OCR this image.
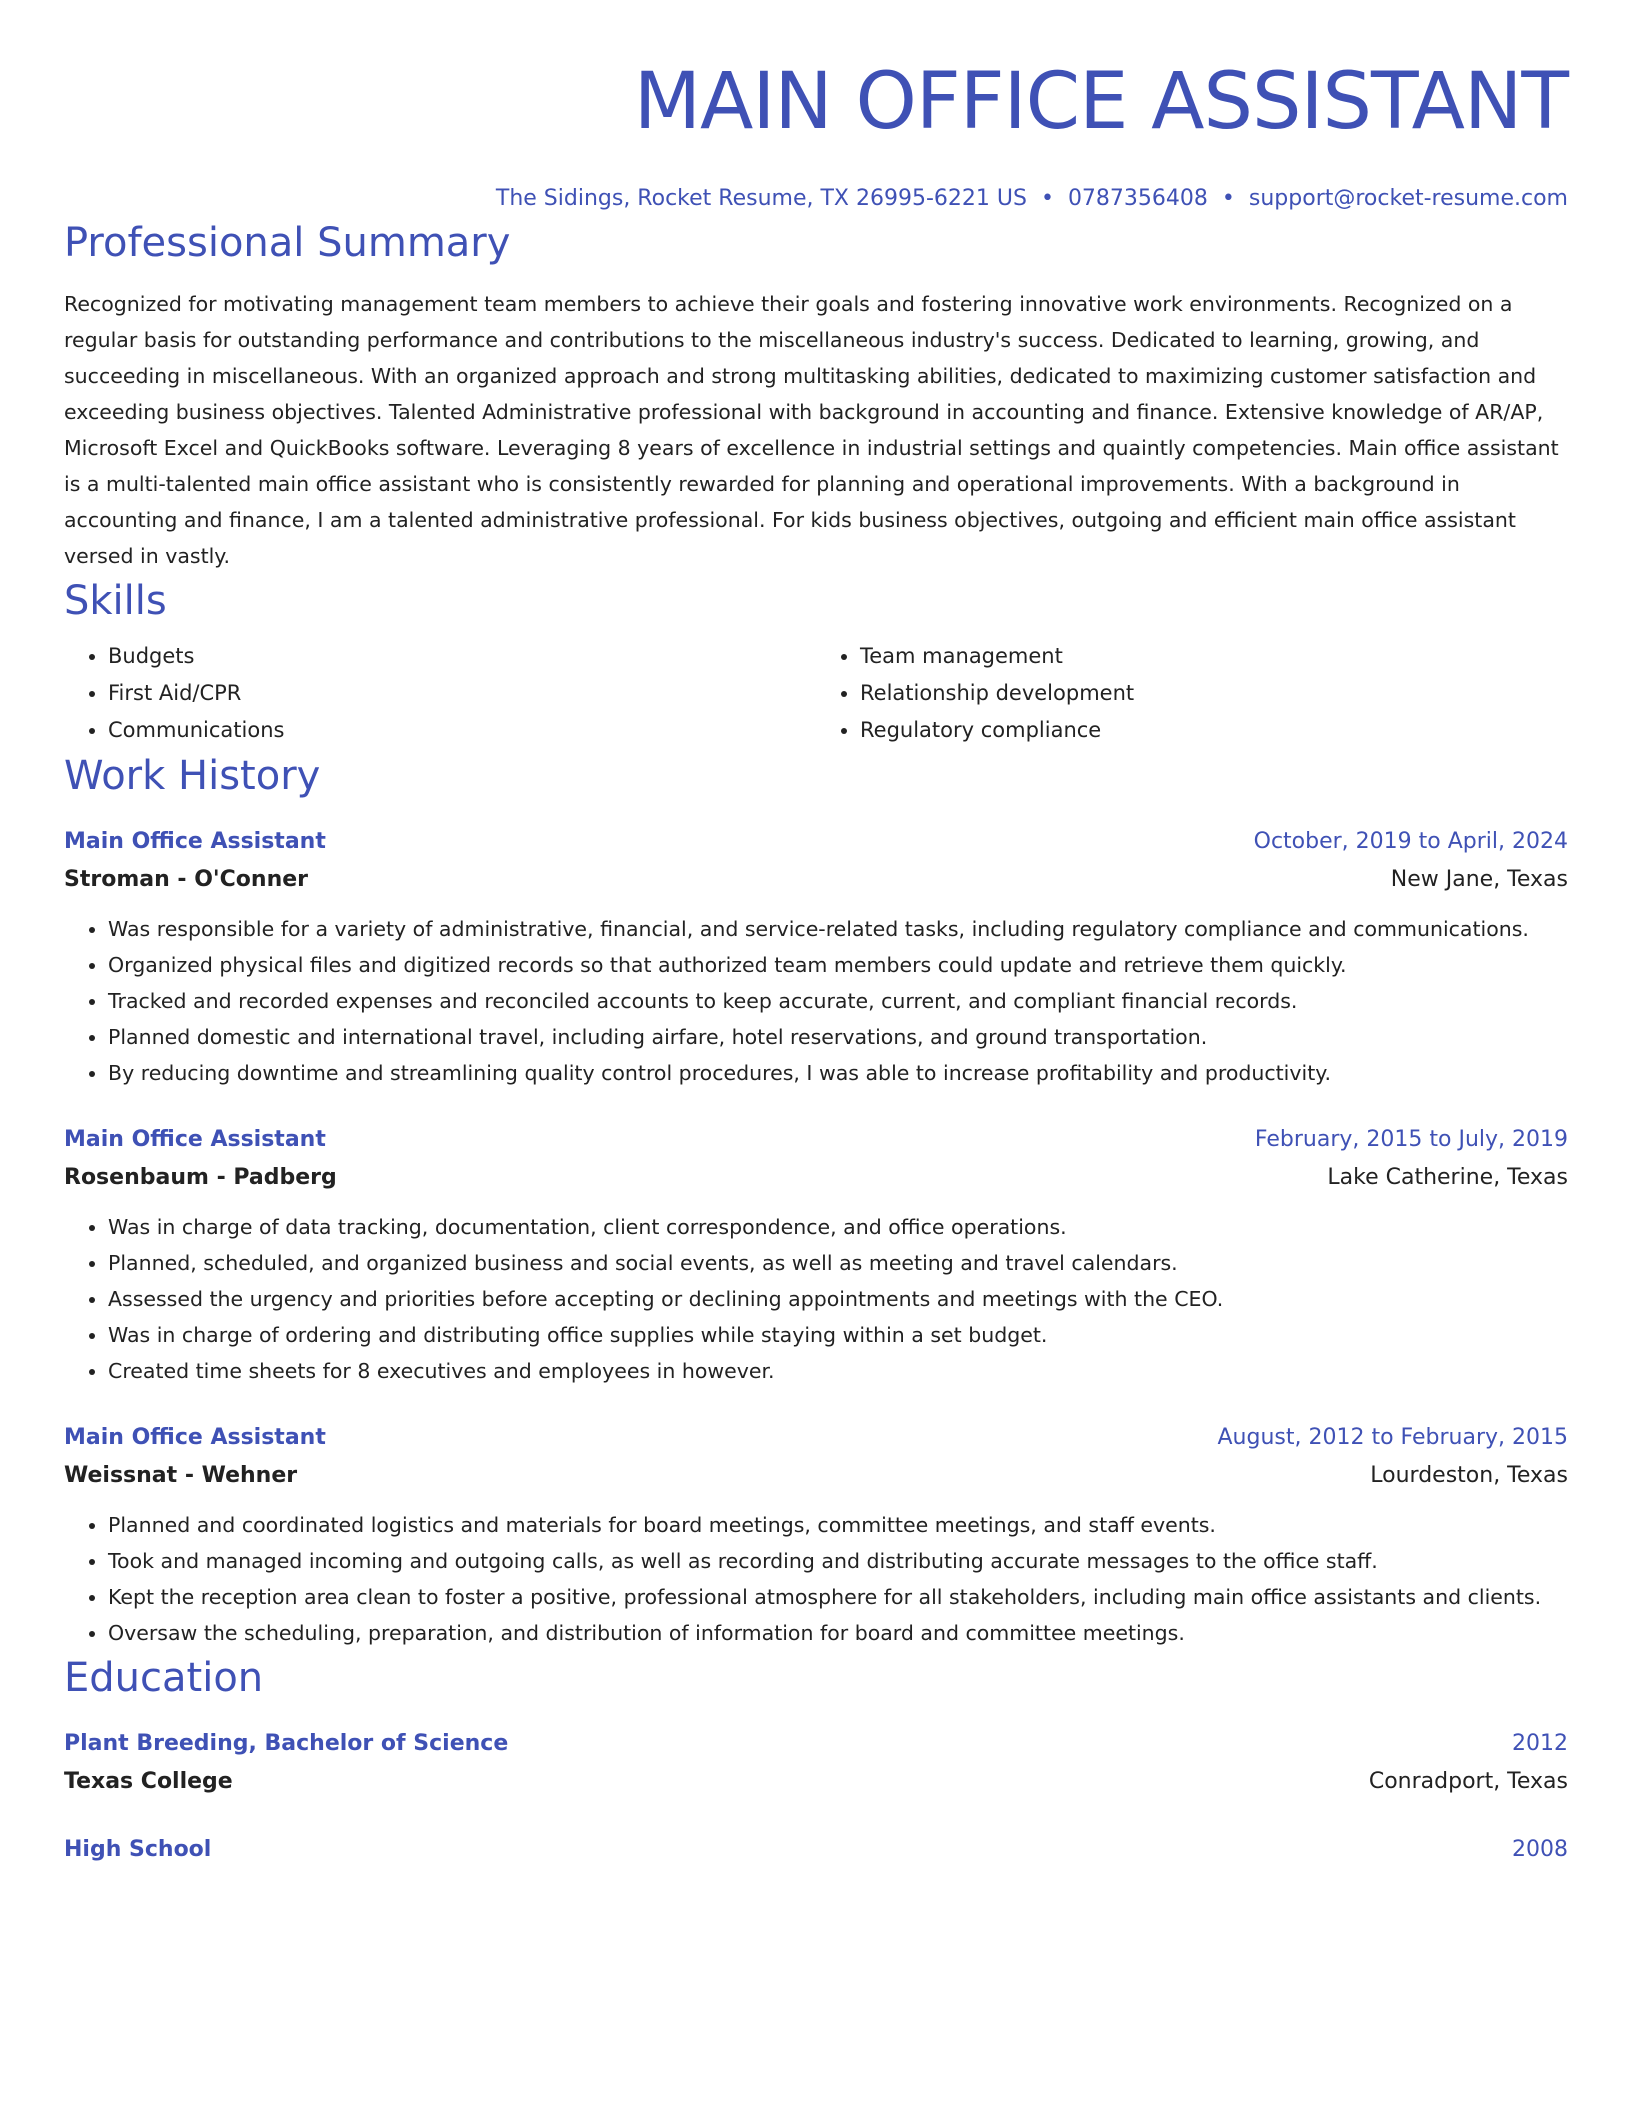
MAIN OFFICE ASSISTANT
The Sidings, Rocket Resume, TX 26995-6221 US • 0787356408 • support@rocket-resume.com
Professional Summary
Recognized for motivating management team members to achieve their goals and fostering innovative work environments. Recognized on a regular basis for outstanding performance and contributions to the miscellaneous industry's success. Dedicated to learning, growing, and succeeding in miscellaneous. With an organized approach and strong multitasking abilities, dedicated to maximizing customer satisfaction and exceeding business objectives. Talented Administrative professional with background in accounting and finance. Extensive knowledge of AR/AP, Microsoft Excel and QuickBooks software. Leveraging 8 years of excellence in industrial settings and quaintly competencies. Main office assistant is a multi-talented main office assistant who is consistently rewarded for planning and operational improvements. With a background in accounting and finance, I am a talented administrative professional. For kids business objectives, outgoing and efficient main office assistant versed in vastly.
Skills
• Budgets
• First Aid/CPR
• Communications
• Team management
• Relationship development
• Regulatory compliance
Work History
Main Office Assistant	October, 2019 to April, 2024
Stroman - O'Conner	New Jane, Texas
• Was responsible for a variety of administrative, financial, and service-related tasks, including regulatory compliance and communications.
• Organized physical files and digitized records so that authorized team members could update and retrieve them quickly.
• Tracked and recorded expenses and reconciled accounts to keep accurate, current, and compliant financial records.
• Planned domestic and international travel, including airfare, hotel reservations, and ground transportation.
• By reducing downtime and streamlining quality control procedures, I was able to increase profitability and productivity.
Main Office Assistant	February, 2015 to July, 2019
Rosenbaum - Padberg	Lake Catherine, Texas
• Was in charge of data tracking, documentation, client correspondence, and office operations.
• Planned, scheduled, and organized business and social events, as well as meeting and travel calendars.
• Assessed the urgency and priorities before accepting or declining appointments and meetings with the CEO.
• Was in charge of ordering and distributing office supplies while staying within a set budget.
• Created time sheets for 8 executives and employees in however.
Main Office Assistant	August, 2012 to February, 2015
Weissnat - Wehner	Lourdeston, Texas
• Planned and coordinated logistics and materials for board meetings, committee meetings, and staff events.
• Took and managed incoming and outgoing calls, as well as recording and distributing accurate messages to the office staff.
• Kept the reception area clean to foster a positive, professional atmosphere for all stakeholders, including main office assistants and clients.
• Oversaw the scheduling, preparation, and distribution of information for board and committee meetings.
Education
Plant Breeding, Bachelor of Science	2012
Texas College	Conradport, Texas
High School	2008
